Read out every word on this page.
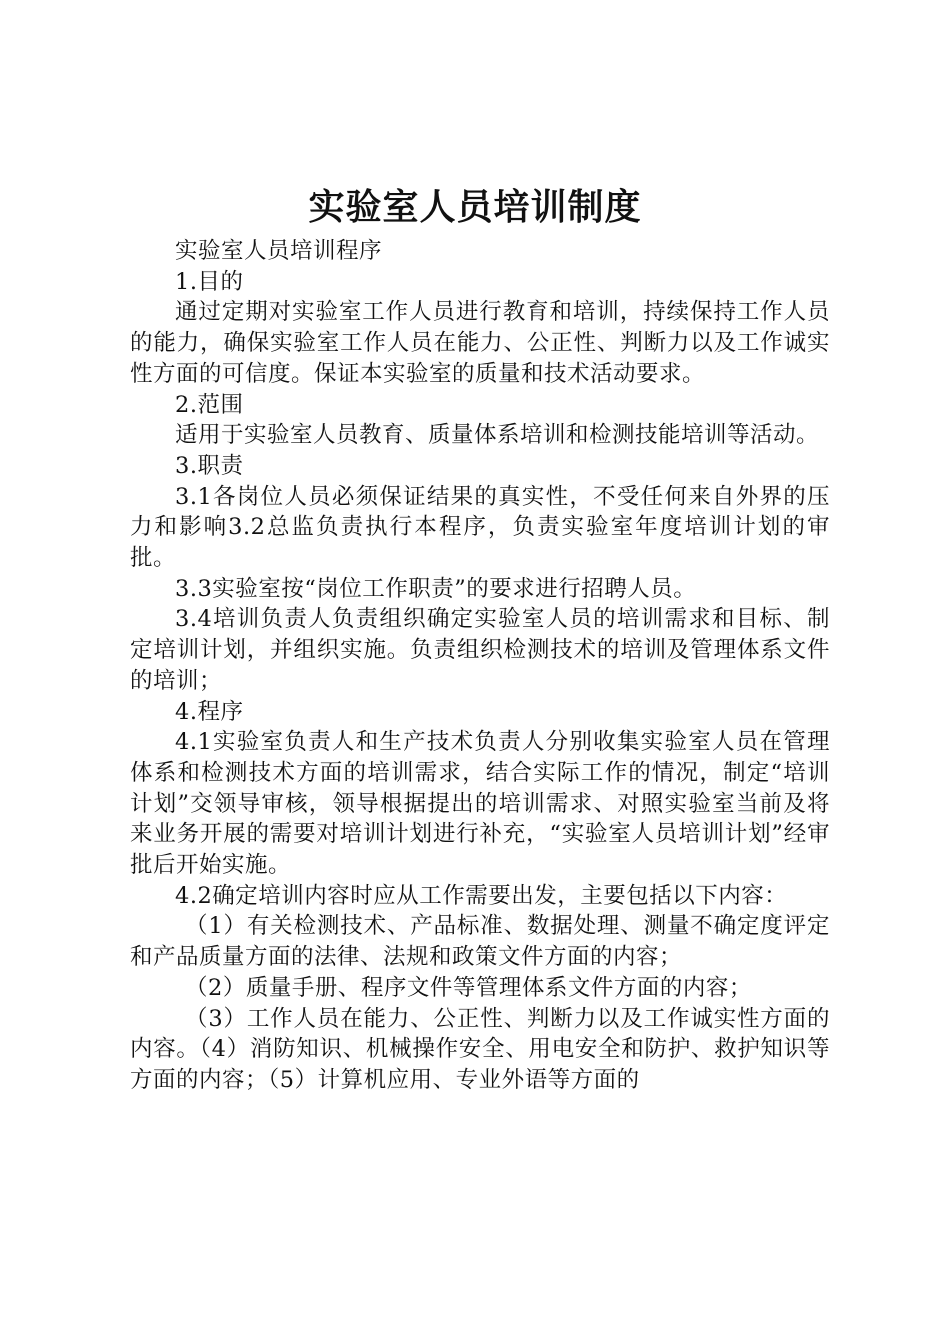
实验室人员培训制度

实验室人员培训程序

1.目的

通过定期对实验室工作人员进行教育和培训，持续保持工作人员的能力，确保实验室工作人员在能力、公正性、判断力以及工作诚实性方面的可信度。保证本实验室的质量和技术活动要求。

2.范围

适用于实验室人员教育、质量体系培训和检测技能培训等活动。

3.职责

3.1各岗位人员必须保证结果的真实性，不受任何来自外界的压力和影响3.2总监负责执行本程序，负责实验室年度培训计划的审批。

3.3实验室按“岗位工作职责”的要求进行招聘人员。

3.4培训负责人负责组织确定实验室人员的培训需求和目标、制定培训计划，并组织实施。负责组织检测技术的培训及管理体系文件的培训；

4.程序

4.1实验室负责人和生产技术负责人分别收集实验室人员在管理体系和检测技术方面的培训需求，结合实际工作的情况，制定“培训计划”交领导审核，领导根据提出的培训需求、对照实验室当前及将来业务开展的需要对培训计划进行补充，“实验室人员培训计划”经审批后开始实施。

4.2确定培训内容时应从工作需要出发，主要包括以下内容：

（1）有关检测技术、产品标准、数据处理、测量不确定度评定和产品质量方面的法律、法规和政策文件方面的内容；

（2）质量手册、程序文件等管理体系文件方面的内容；

（3）工作人员在能力、公正性、判断力以及工作诚实性方面的内容。（4）消防知识、机械操作安全、用电安全和防护、救护知识等方面的内容；（5）计算机应用、专业外语等方面的
